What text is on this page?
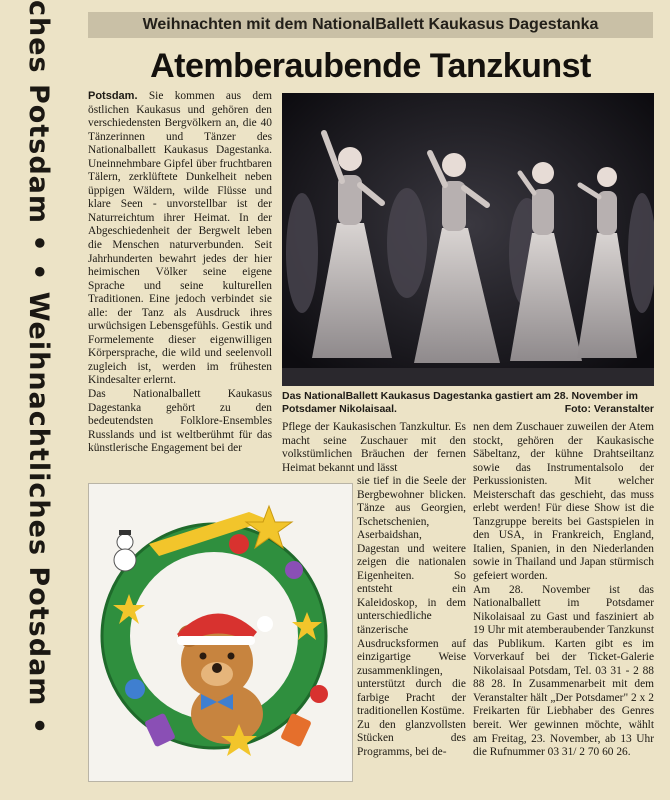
ches Potsdam • • Weihnachtliches Potsdam •	Weihnachten mit dem NationalBallett Kaukasus Dagestanka
Atemberaubende Tanzkunst

Potsdam. Sie kommen aus dem östlichen Kaukasus und gehören den verschiedensten Bergvölkern an, die 40 Tänzerinnen und Tänzer des Nationalballett Kaukasus Dagestanka. Uneinnehmbare Gipfel über fruchtbaren Tälern, zerklüftete Dunkelheit neben üppigen Wäldern, wilde Flüsse und klare Seen - unvorstellbar ist der Naturreichtum ihrer Heimat. In der Abgeschiedenheit der Bergwelt leben die Menschen naturverbunden. Seit Jahrhunderten bewahrt jedes der hier heimischen Völker seine eigene Sprache und seine kulturellen Traditionen. Eine jedoch verbindet sie alle: der Tanz als Ausdruck ihres urwüchsigen Lebensgefühls. Gestik und Formelemente dieser eigenwilligen Körpersprache, die wild und seelenvoll zugleich ist, werden im frühesten Kindesalter erlernt.

Das Nationalballett Kaukasus Dagestanka gehört zu den bedeutendsten Folklore-Ensembles Russlands und ist weltberühmt für das künstlerische Engagement bei der

Das NationalBallett Kaukasus Dagestanka gastiert am 28. November im Potsdamer Nikolaisaal.	Foto: Veranstalter

Pflege der Kaukasischen Tanzkultur. Es macht seine Zuschauer mit den volkstümlichen Bräuchen der fernen Heimat bekannt und lässt

sie tief in die Seele der Bergbewohner blicken. Tänze aus Georgien, Tschetschenien, Aserbaidshan, Dagestan und weitere zeigen die nationalen Eigenheiten. So entsteht ein Kaleidoskop, in dem unterschiedliche tänzerische Ausdrucksformen auf einzigartige Weise zusammenklingen, unterstützt durch die farbige Pracht der traditionellen Kostüme.

Zu den glanzvollsten Stücken des Programms, bei de-

nen dem Zuschauer zuweilen der Atem stockt, gehören der Kaukasische Säbeltanz, der kühne Drahtseiltanz sowie das Instrumentalsolo der Perkussionisten. Mit welcher Meisterschaft das geschieht, das muss erlebt werden! Für diese Show ist die Tanzgruppe bereits bei Gastspielen in den USA, in Frankreich, England, Italien, Spanien, in den Niederlanden sowie in Thailand und Japan stürmisch gefeiert worden.

Am 28. November ist das Nationalballett im Potsdamer Nikolaisaal zu Gast und fasziniert ab 19 Uhr mit atemberaubender Tanzkunst das Publikum. Karten gibt es im Vorverkauf bei der Ticket-Galerie Nikolaisaal Potsdam, Tel. 03 31 - 2 88 88 28. In Zusammenarbeit mit dem Veranstalter hält „Der Potsdamer" 2 x 2 Freikarten für Liebhaber des Genres bereit. Wer gewinnen möchte, wählt am Freitag, 23. November, ab 13 Uhr die Rufnummer 03 31/ 2 70 60 26.
